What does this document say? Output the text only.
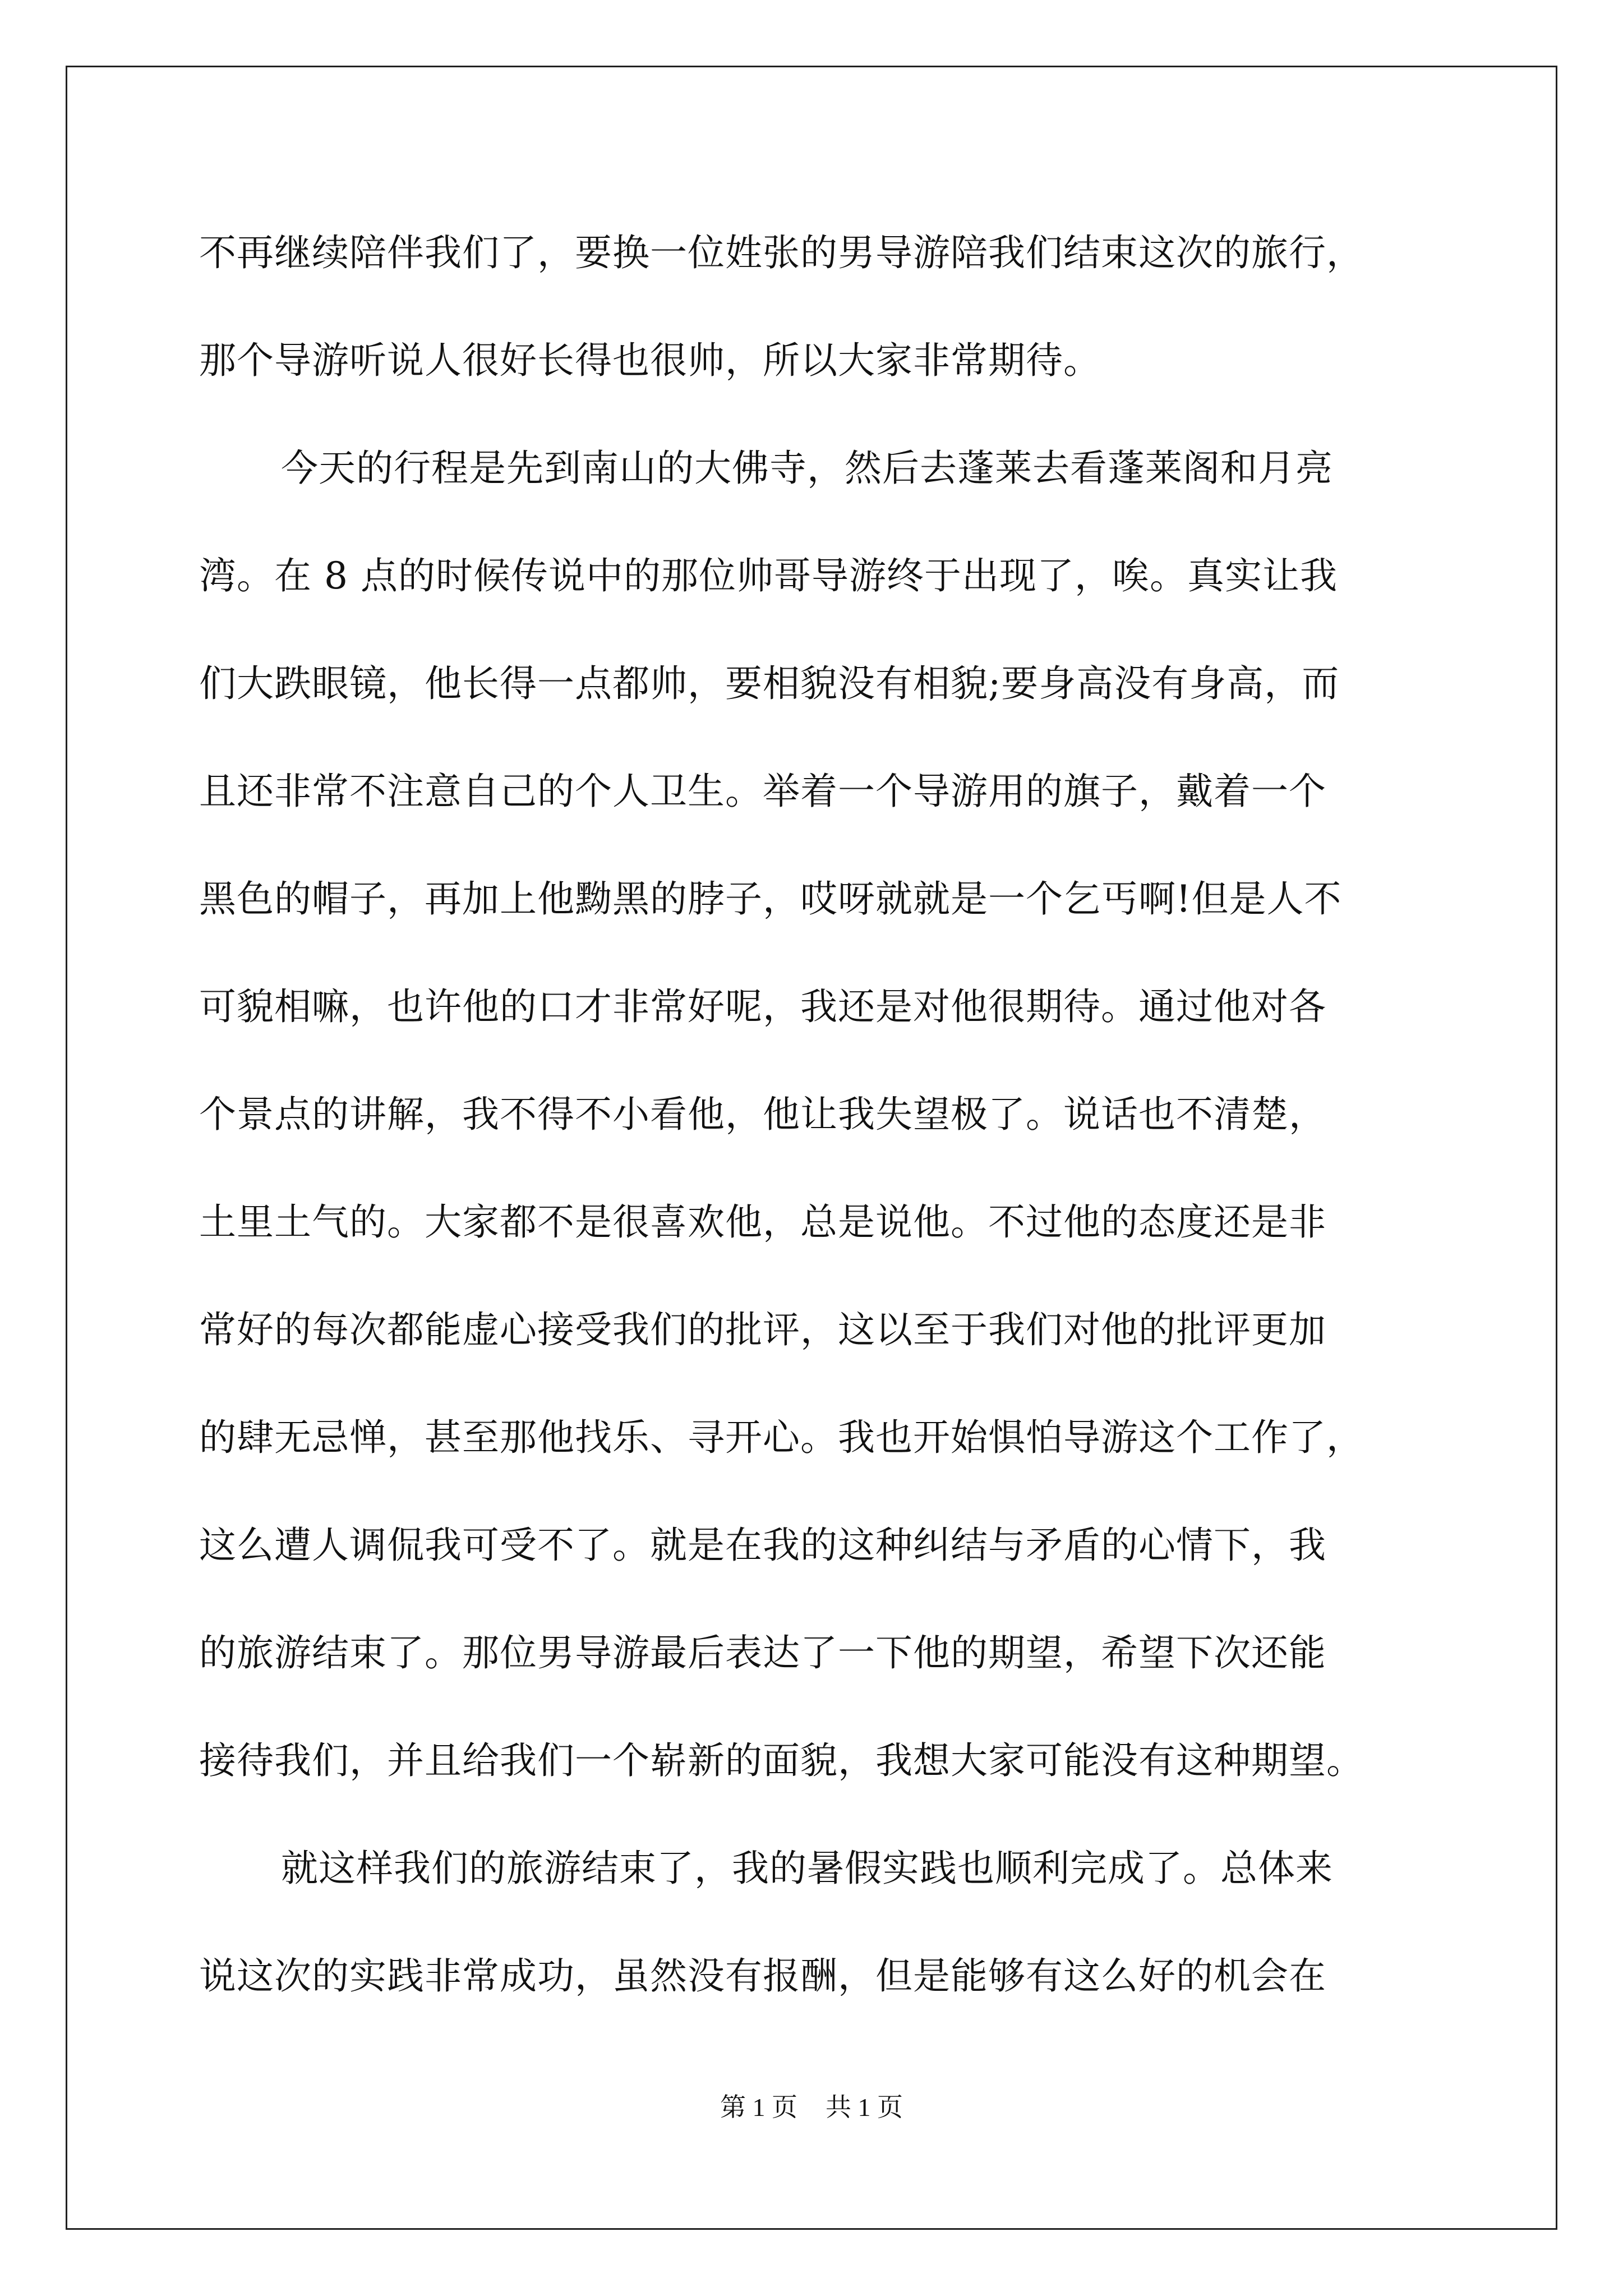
不再继续陪伴我们了，要换一位姓张的男导游陪我们结束这次的旅行，
那个导游听说人很好长得也很帅，所以大家非常期待。
今天的行程是先到南山的大佛寺，然后去蓬莱去看蓬莱阁和月亮
湾。在 8 点的时候传说中的那位帅哥导游终于出现了，唉。真实让我
们大跌眼镜，他长得一点都帅，要相貌没有相貌;要身高没有身高，而
且还非常不注意自己的个人卫生。举着一个导游用的旗子，戴着一个
黑色的帽子，再加上他黝黑的脖子，哎呀就就是一个乞丐啊!但是人不
可貌相嘛，也许他的口才非常好呢，我还是对他很期待。通过他对各
个景点的讲解，我不得不小看他，他让我失望极了。说话也不清楚，
土里土气的。大家都不是很喜欢他，总是说他。不过他的态度还是非
常好的每次都能虚心接受我们的批评，这以至于我们对他的批评更加
的肆无忌惮，甚至那他找乐、寻开心。我也开始惧怕导游这个工作了，
这么遭人调侃我可受不了。就是在我的这种纠结与矛盾的心情下，我
的旅游结束了。那位男导游最后表达了一下他的期望，希望下次还能
接待我们，并且给我们一个崭新的面貌，我想大家可能没有这种期望。
就这样我们的旅游结束了，我的暑假实践也顺利完成了。总体来
说这次的实践非常成功，虽然没有报酬，但是能够有这么好的机会在
第 1 页 共 1 页
